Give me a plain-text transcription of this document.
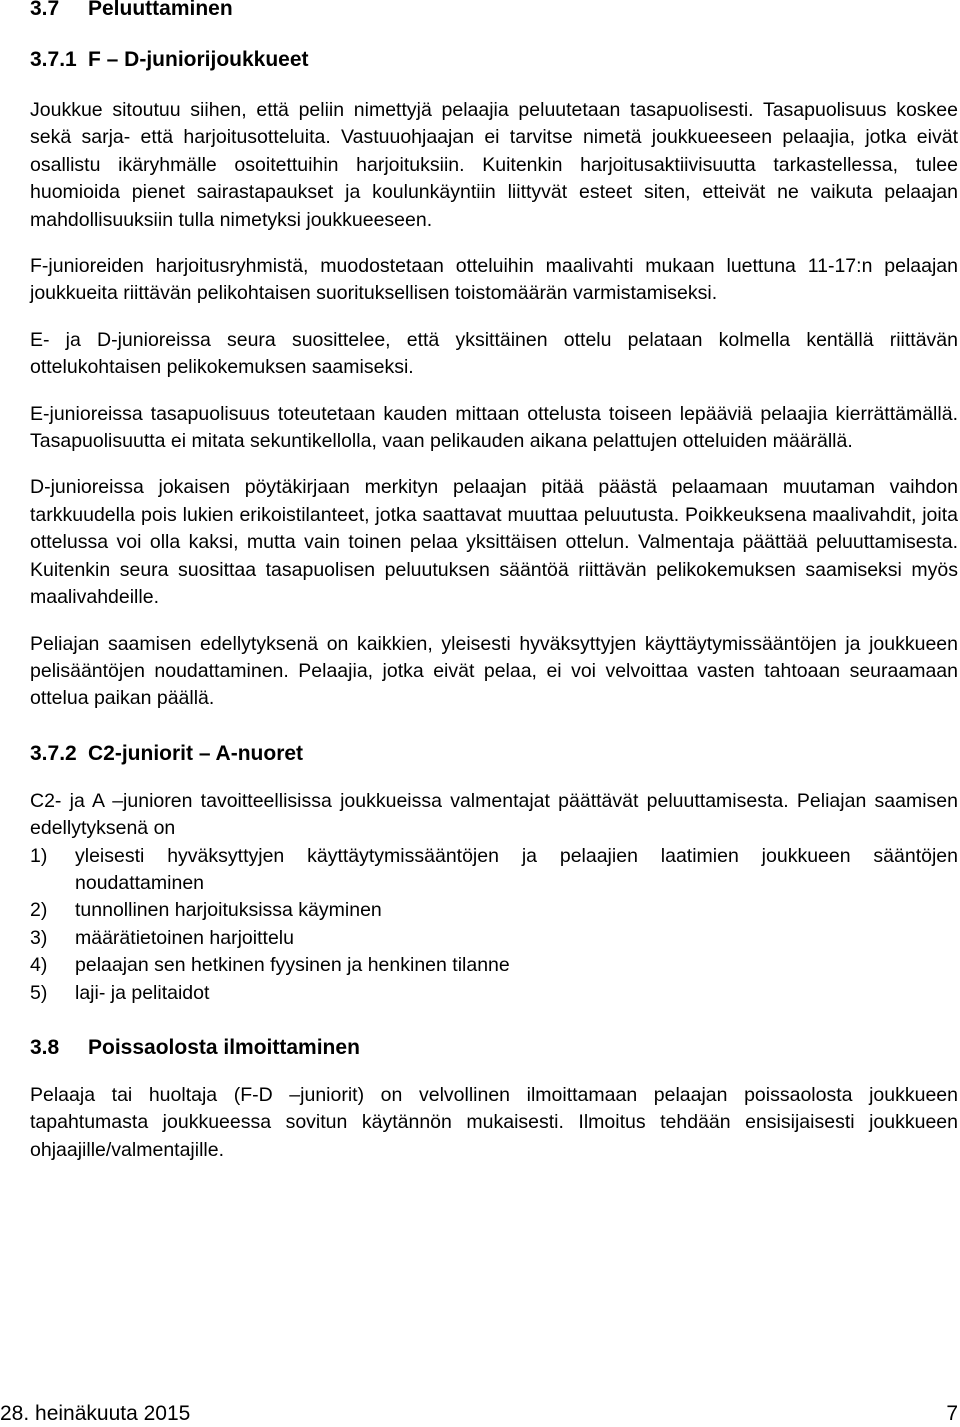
3.7 Peluuttaminen
3.7.1 F – D-juniorijoukkueet

Joukkue sitoutuu siihen, että peliin nimettyjä pelaajia peluutetaan tasapuolisesti. Tasapuolisuus koskee sekä sarja- että harjoitusotteluita. Vastuuohjaajan ei tarvitse nimetä joukkueeseen pelaajia, jotka eivät osallistu ikäryhmälle osoitettuihin harjoituksiin. Kuitenkin harjoitusaktiivisuutta tarkastellessa, tulee huomioida pienet sairastapaukset ja koulunkäyntiin liittyvät esteet siten, etteivät ne vaikuta pelaajan mahdollisuuksiin tulla nimetyksi joukkueeseen.

F-junioreiden harjoitusryhmistä, muodostetaan otteluihin maalivahti mukaan luettuna 11-17:n pelaajan joukkueita riittävän pelikohtaisen suorituksellisen toistomäärän varmistamiseksi.

E- ja D-junioreissa seura suosittelee, että yksittäinen ottelu pelataan kolmella kentällä riittävän ottelukohtaisen pelikokemuksen saamiseksi.

E-junioreissa tasapuolisuus toteutetaan kauden mittaan ottelusta toiseen lepääviä pelaajia kierrättämällä. Tasapuolisuutta ei mitata sekuntikellolla, vaan pelikauden aikana pelattujen otteluiden määrällä.

D-junioreissa jokaisen pöytäkirjaan merkityn pelaajan pitää päästä pelaamaan muutaman vaihdon tarkkuudella pois lukien erikoistilanteet, jotka saattavat muuttaa peluutusta. Poikkeuksena maalivahdit, joita ottelussa voi olla kaksi, mutta vain toinen pelaa yksittäisen ottelun. Valmentaja päättää peluuttamisesta. Kuitenkin seura suosittaa tasapuolisen peluutuksen sääntöä riittävän pelikokemuksen saamiseksi myös maalivahdeille.

Peliajan saamisen edellytyksenä on kaikkien, yleisesti hyväksyttyjen käyttäytymissääntöjen ja joukkueen pelisääntöjen noudattaminen. Pelaajia, jotka eivät pelaa, ei voi velvoittaa vasten tahtoaan seuraamaan ottelua paikan päällä.

3.7.2 C2-juniorit – A-nuoret

C2- ja A –junioren tavoitteellisissa joukkueissa valmentajat päättävät peluuttamisesta. Peliajan saamisen edellytyksenä on

1)	yleisesti hyväksyttyjen käyttäytymissääntöjen ja pelaajien laatimien joukkueen sääntöjen noudattaminen
2)	tunnollinen harjoituksissa käyminen
3)	määrätietoinen harjoittelu
4)	pelaajan sen hetkinen fyysinen ja henkinen tilanne
5)	laji- ja pelitaidot
3.8 Poissaolosta ilmoittaminen

Pelaaja tai huoltaja (F-D –juniorit) on velvollinen ilmoittamaan pelaajan poissaolosta joukkueen tapahtumasta joukkueessa sovitun käytännön mukaisesti. Ilmoitus tehdään ensisijaisesti joukkueen ohjaajille/valmentajille.

28. heinäkuuta 2015	7
